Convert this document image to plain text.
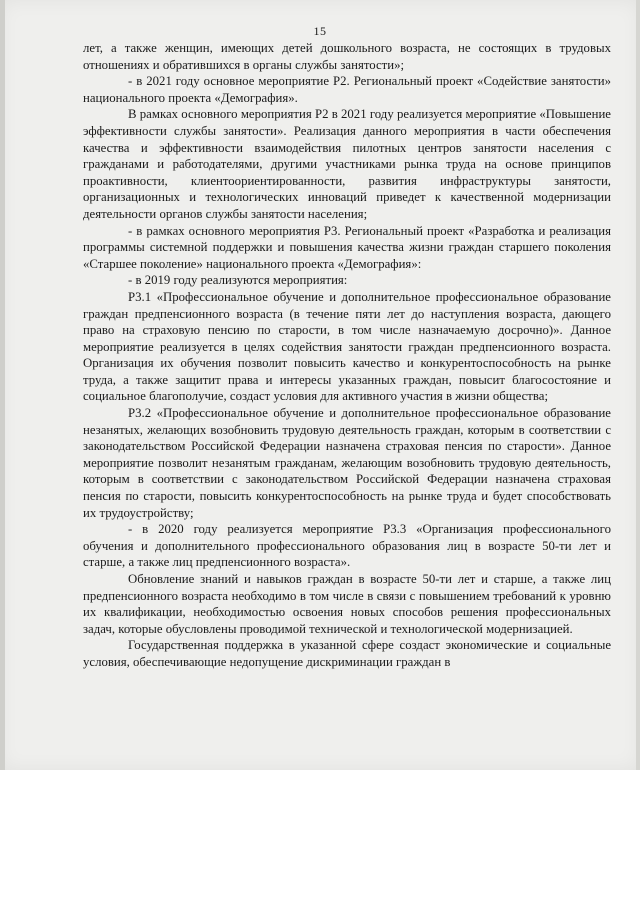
15

лет, а также женщин, имеющих детей дошкольного возраста, не состоящих в трудовых отношениях и обратившихся в органы службы занятости»;

- в 2021 году основное мероприятие Р2. Региональный проект «Содействие занятости» национального проекта «Демография».

В рамках основного мероприятия Р2 в 2021 году реализуется мероприятие «Повышение эффективности службы занятости». Реализация данного мероприятия в части обеспечения качества и эффективности взаимодействия пилотных центров занятости населения с гражданами и работодателями, другими участниками рынка труда на основе принципов проактивности, клиентоориентированности, развития инфраструктуры занятости, организационных и технологических инноваций приведет к качественной модернизации деятельности органов службы занятости населения;

- в рамках основного мероприятия Р3. Региональный проект «Разработка и реализация программы системной поддержки и повышения качества жизни граждан старшего поколения «Старшее поколение» национального проекта «Демография»:

- в 2019 году реализуются мероприятия:

Р3.1 «Профессиональное обучение и дополнительное профессиональное образование граждан предпенсионного возраста (в течение пяти лет до наступления возраста, дающего право на страховую пенсию по старости, в том числе назначаемую досрочно)». Данное мероприятие реализуется в целях содействия занятости граждан предпенсионного возраста. Организация их обучения позволит повысить качество и конкурентоспособность на рынке труда, а также защитит права и интересы указанных граждан, повысит благосостояние и социальное благополучие, создаст условия для активного участия в жизни общества;

Р3.2 «Профессиональное обучение и дополнительное профессиональное образование незанятых, желающих возобновить трудовую деятельность граждан, которым в соответствии с законодательством Российской Федерации назначена страховая пенсия по старости». Данное мероприятие позволит незанятым гражданам, желающим возобновить трудовую деятельность, которым в соответствии с законодательством Российской Федерации назначена страховая пенсия по старости, повысить конкурентоспособность на рынке труда и будет способствовать их трудоустройству;

- в 2020 году реализуется мероприятие Р3.3 «Организация профессионального обучения и дополнительного профессионального образования лиц в возрасте 50-ти лет и старше, а также лиц предпенсионного возраста».

Обновление знаний и навыков граждан в возрасте 50-ти лет и старше, а также лиц предпенсионного возраста необходимо в том числе в связи с повышением требований к уровню их квалификации, необходимостью освоения новых способов решения профессиональных задач, которые обусловлены проводимой технической и технологической модернизацией.

Государственная поддержка в указанной сфере создаст экономические и социальные условия, обеспечивающие недопущение дискриминации граждан в
